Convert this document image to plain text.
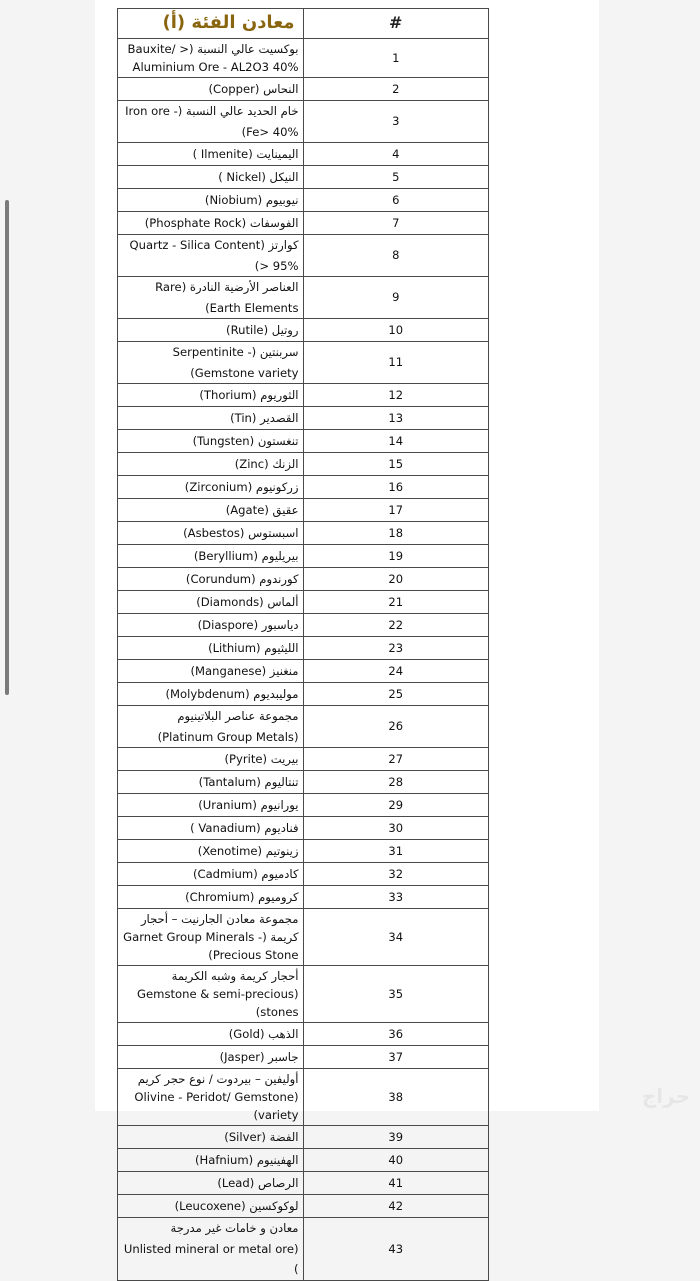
#	معادن الفئة (أ)
1	بوكسيت عالي النسبة (< Bauxite/ Aluminium Ore - AL2O3 40%
2	النحاس (Copper)
3	خام الحديد عالي النسبة (Iron ore - Fe> 40%)
4	اليمينايت (Ilmenite )
5	النيكل (Nickel )
6	نيوبيوم (Niobium)
7	الفوسفات (Phosphate Rock)
8	كوارتز (Quartz - Silica Content > 95%)
9	العناصر الأرضية النادرة (Rare Earth Elements)
10	روتيل (Rutile)
11	سربنتين (Serpentinite - Gemstone variety)
12	الثوريوم (Thorium)
13	القصدير (Tin)
14	تنغستون (Tungsten)
15	الزنك (Zinc)
16	زركونيوم (Zirconium)
17	عقيق (Agate)
18	اسبستوس (Asbestos)
19	بيريليوم (Beryllium)
20	كورندوم (Corundum)
21	ألماس (Diamonds)
22	دياسبور (Diaspore)
23	الليثيوم (Lithium)
24	منغنيز (Manganese)
25	موليبديوم (Molybdenum)
26	مجموعة عناصر البلاتينيوم (Platinum Group Metals)
27	بيريت (Pyrite)
28	تنتاليوم (Tantalum)
29	يورانيوم (Uranium)
30	فناديوم (Vanadium )
31	زينوتيم (Xenotime)
32	كادميوم (Cadmium)
33	كروميوم (Chromium)
34	مجموعة معادن الجارنيت – أحجار كريمة (Garnet Group Minerals - Precious Stone)
35	أحجار كريمة وشبه الكريمة (Gemstone & semi-precious stones)
36	الذهب (Gold)
37	جاسبر (Jasper)
38	أوليفين – بيردوت / نوع حجر كريم (Olivine - Peridot/ Gemstone variety)
39	الفضة (Silver)
40	الهفينيوم (Hafnium)
41	الرصاص (Lead)
42	لوكوكسين (Leucoxene)
43	معادن و خامات غير مدرجة (Unlisted mineral or metal ore )	حراج
